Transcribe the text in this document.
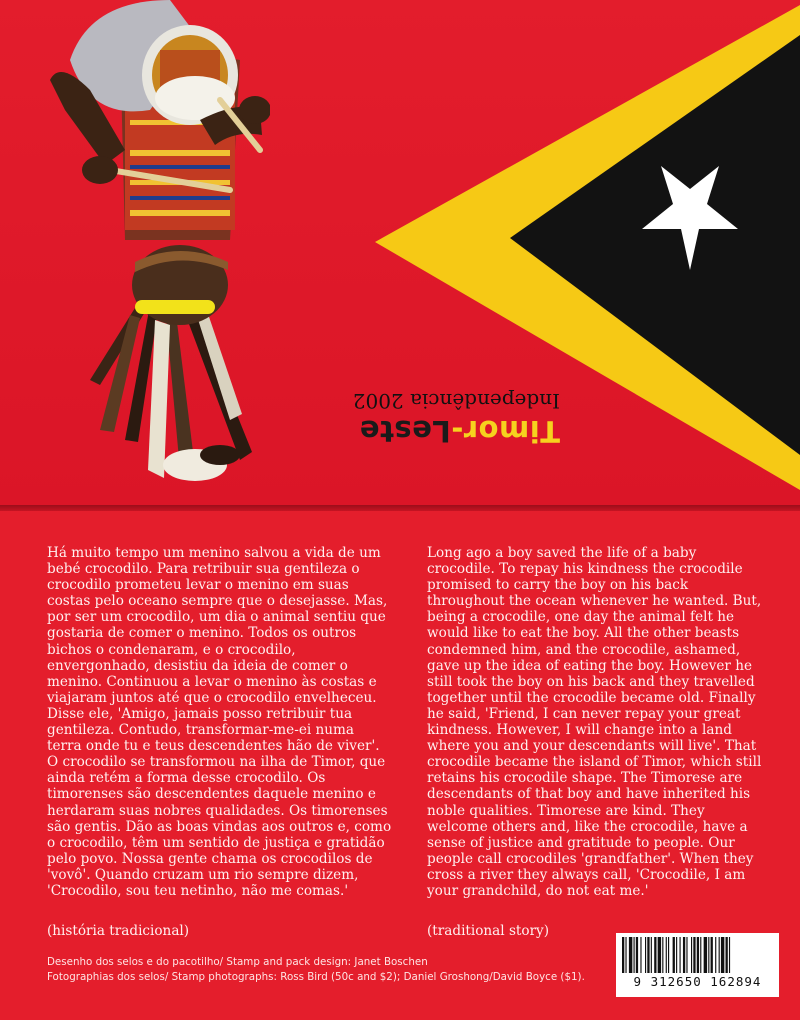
Timor-Leste
Independência 2002

Há muito tempo um menino salvou a vida de um bebé crocodilo. Para retribuir sua gentileza o crocodilo prometeu levar o menino em suas costas pelo oceano sempre que o desejasse. Mas, por ser um crocodilo, um dia o animal sentiu que gostaria de comer o menino. Todos os outros bichos o condenaram, e o crocodilo, envergonhado, desistiu da ideia de comer o menino. Continuou a levar o menino às costas e viajaram juntos até que o crocodilo envelheceu. Disse ele, 'Amigo, jamais posso retribuir tua gentileza. Contudo, transformar-me-ei numa terra onde tu e teus descendentes hão de viver'. O crocodilo se transformou na ilha de Timor, que ainda retém a forma desse crocodilo. Os timorenses são descendentes daquele menino e herdaram suas nobres qualidades. Os timorenses são gentis. Dão as boas vindas aos outros e, como o crocodilo, têm um sentido de justiça e gratidão pelo povo. Nossa gente chama os crocodilos de 'vovô'. Quando cruzam um rio sempre dizem, 'Crocodilo, sou teu netinho, não me comas.'

(história tradicional)

Long ago a boy saved the life of a baby crocodile. To repay his kindness the crocodile promised to carry the boy on his back throughout the ocean whenever he wanted. But, being a crocodile, one day the animal felt he would like to eat the boy. All the other beasts condemned him, and the crocodile, ashamed, gave up the idea of eating the boy. However he still took the boy on his back and they travelled together until the crocodile became old. Finally he said, 'Friend, I can never repay your great kindness. However, I will change into a land where you and your descendants will live'. That crocodile became the island of Timor, which still retains his crocodile shape. The Timorese are descendants of that boy and have inherited his noble qualities. Timorese are kind. They welcome others and, like the crocodile, have a sense of justice and gratitude to people. Our people call crocodiles 'grandfather'. When they cross a river they always call, 'Crocodile, I am your grandchild, do not eat me.'

(traditional story)
Desenho dos selos e do pacotilho/ Stamp and pack design: Janet Boschen
Fotographias dos selos/ Stamp photographs: Ross Bird (50c and $2); Daniel Groshong/David Boyce ($1).	9 312650 162894
